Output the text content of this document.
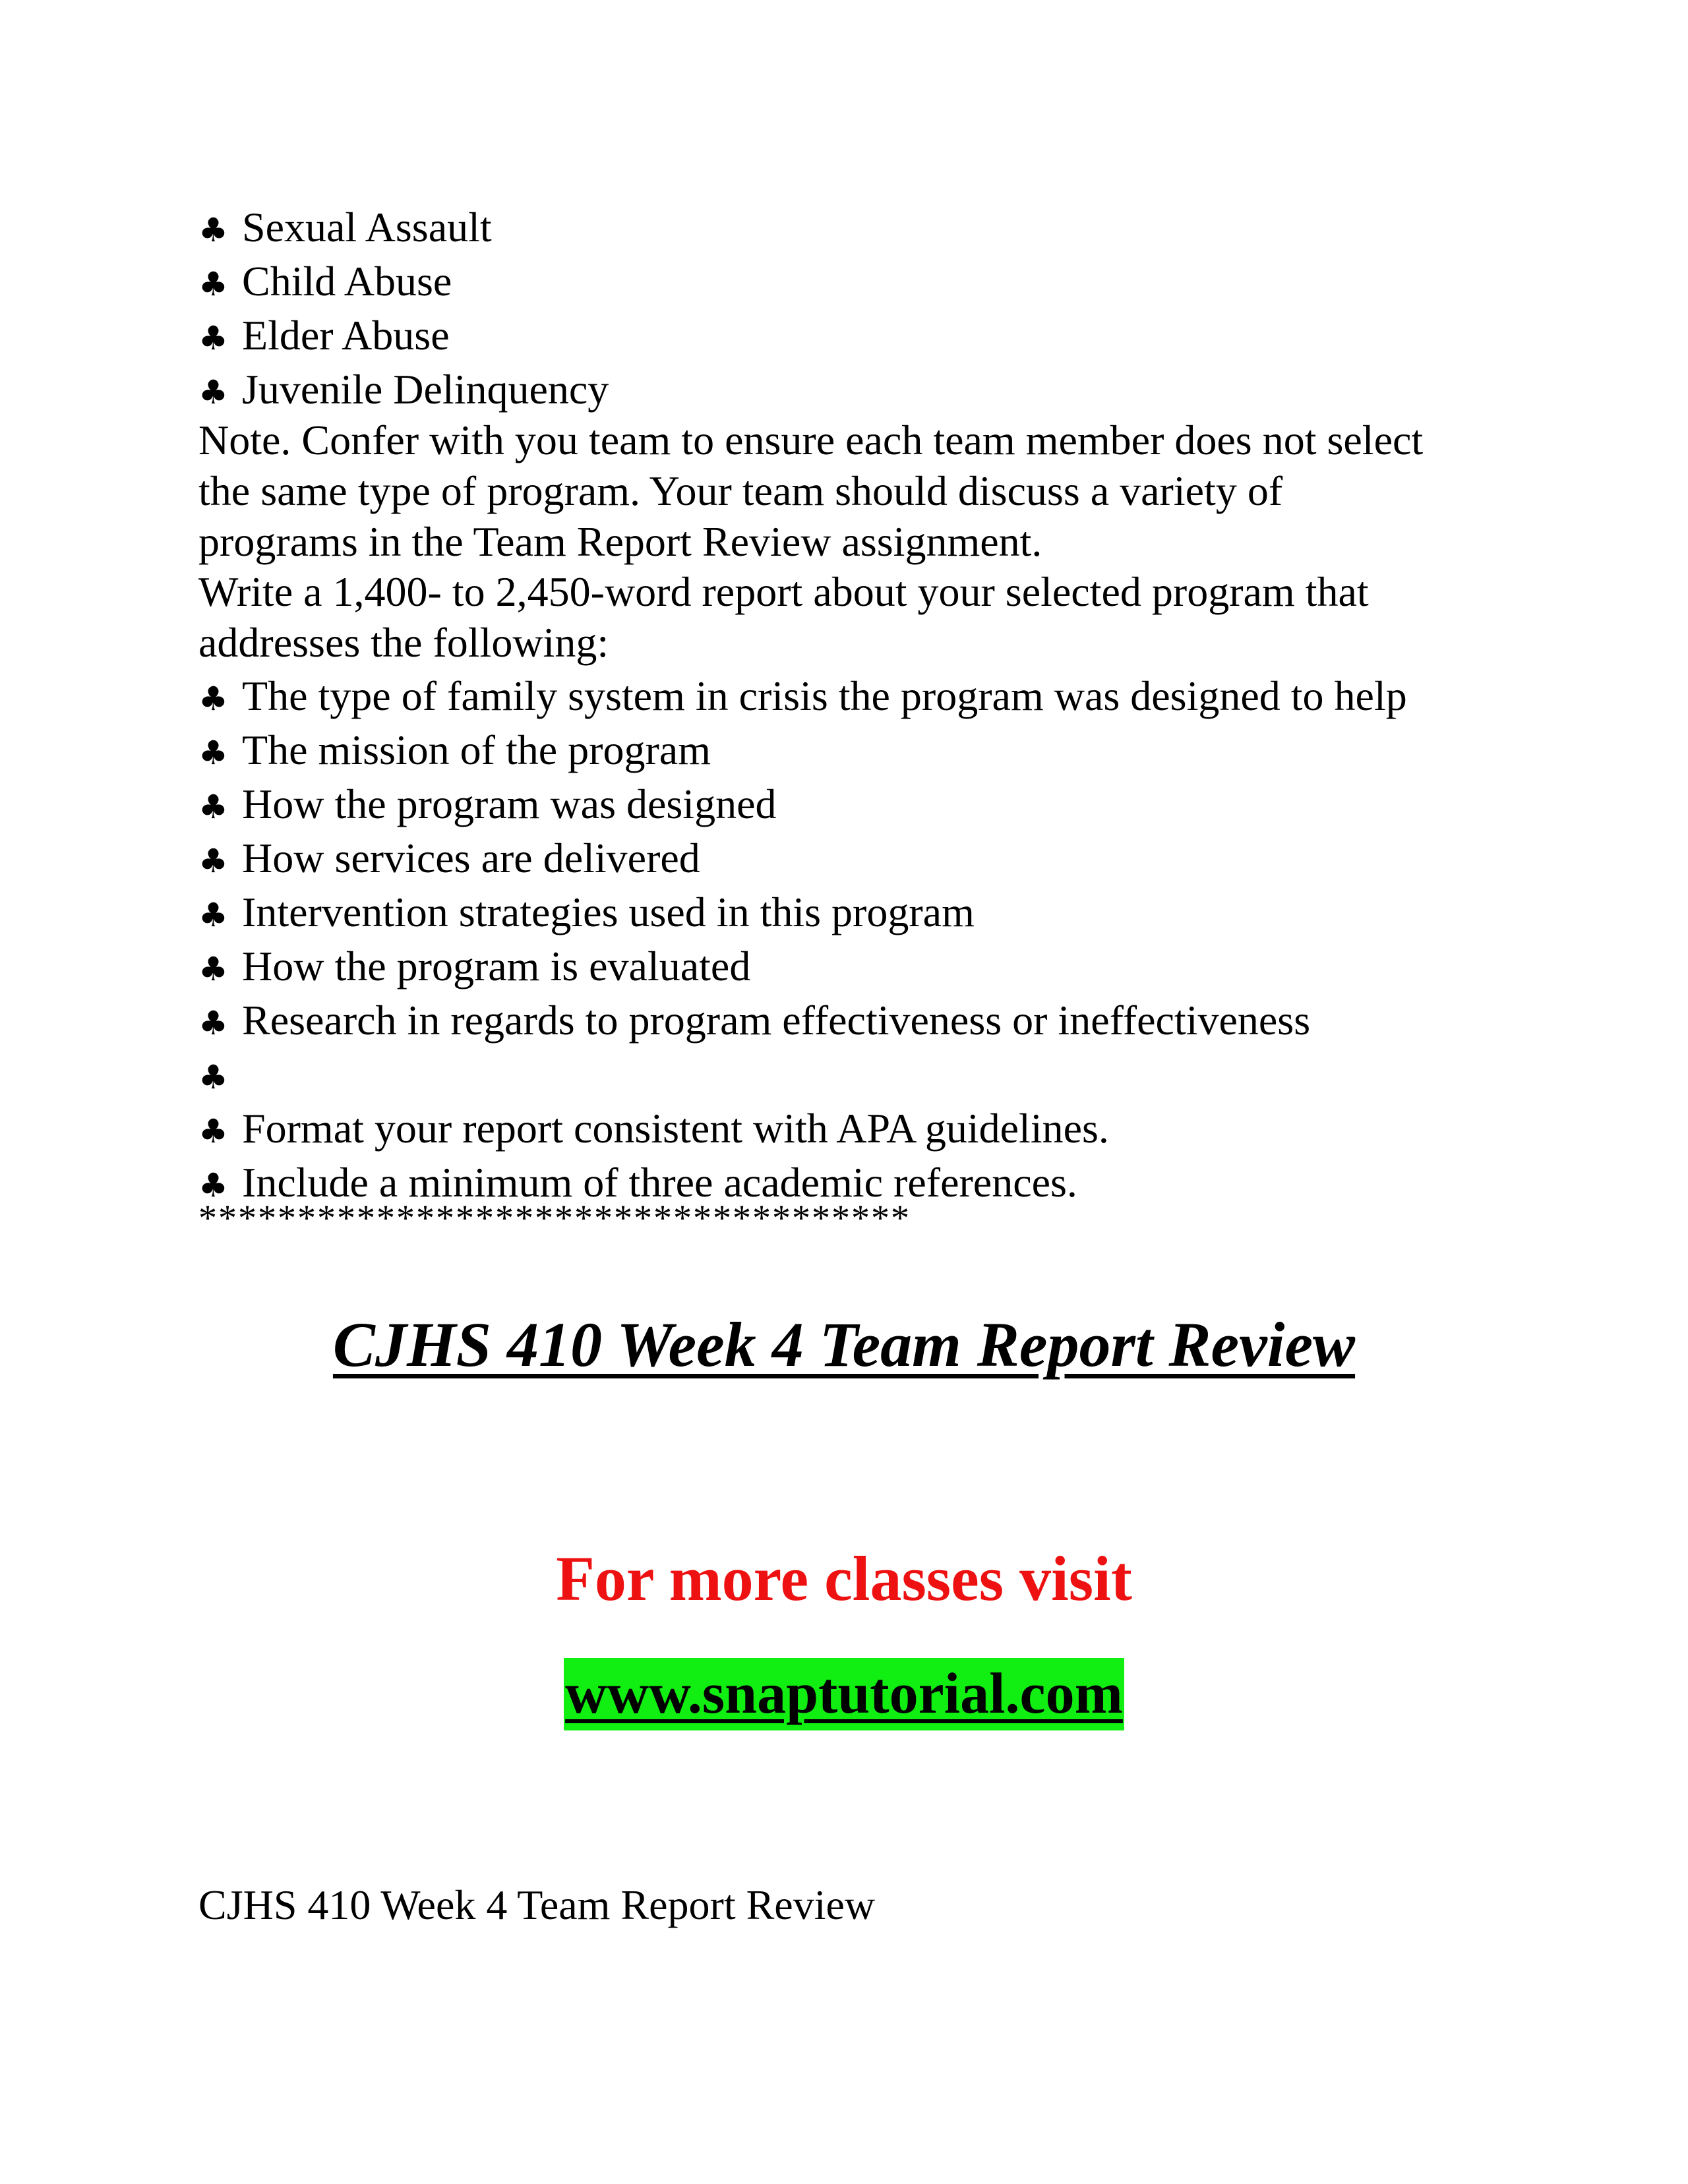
♣ Sexual Assault
♣ Child Abuse
♣ Elder Abuse
♣ Juvenile Delinquency
Note. Confer with you team to ensure each team member does not select
the same type of program. Your team should discuss a variety of
programs in the Team Report Review assignment.
Write a 1,400- to 2,450-word report about your selected program that
addresses the following:
♣ The type of family system in crisis the program was designed to help
♣ The mission of the program
♣ How the program was designed
♣ How services are delivered
♣ Intervention strategies used in this program
♣ How the program is evaluated
♣ Research in regards to program effectiveness or ineffectiveness
♣
♣ Format your report consistent with APA guidelines.
♣ Include a minimum of three academic references.
************************************
CJHS 410 Week 4 Team Report Review
For more classes visit
www.snaptutorial.com
CJHS 410 Week 4 Team Report Review
